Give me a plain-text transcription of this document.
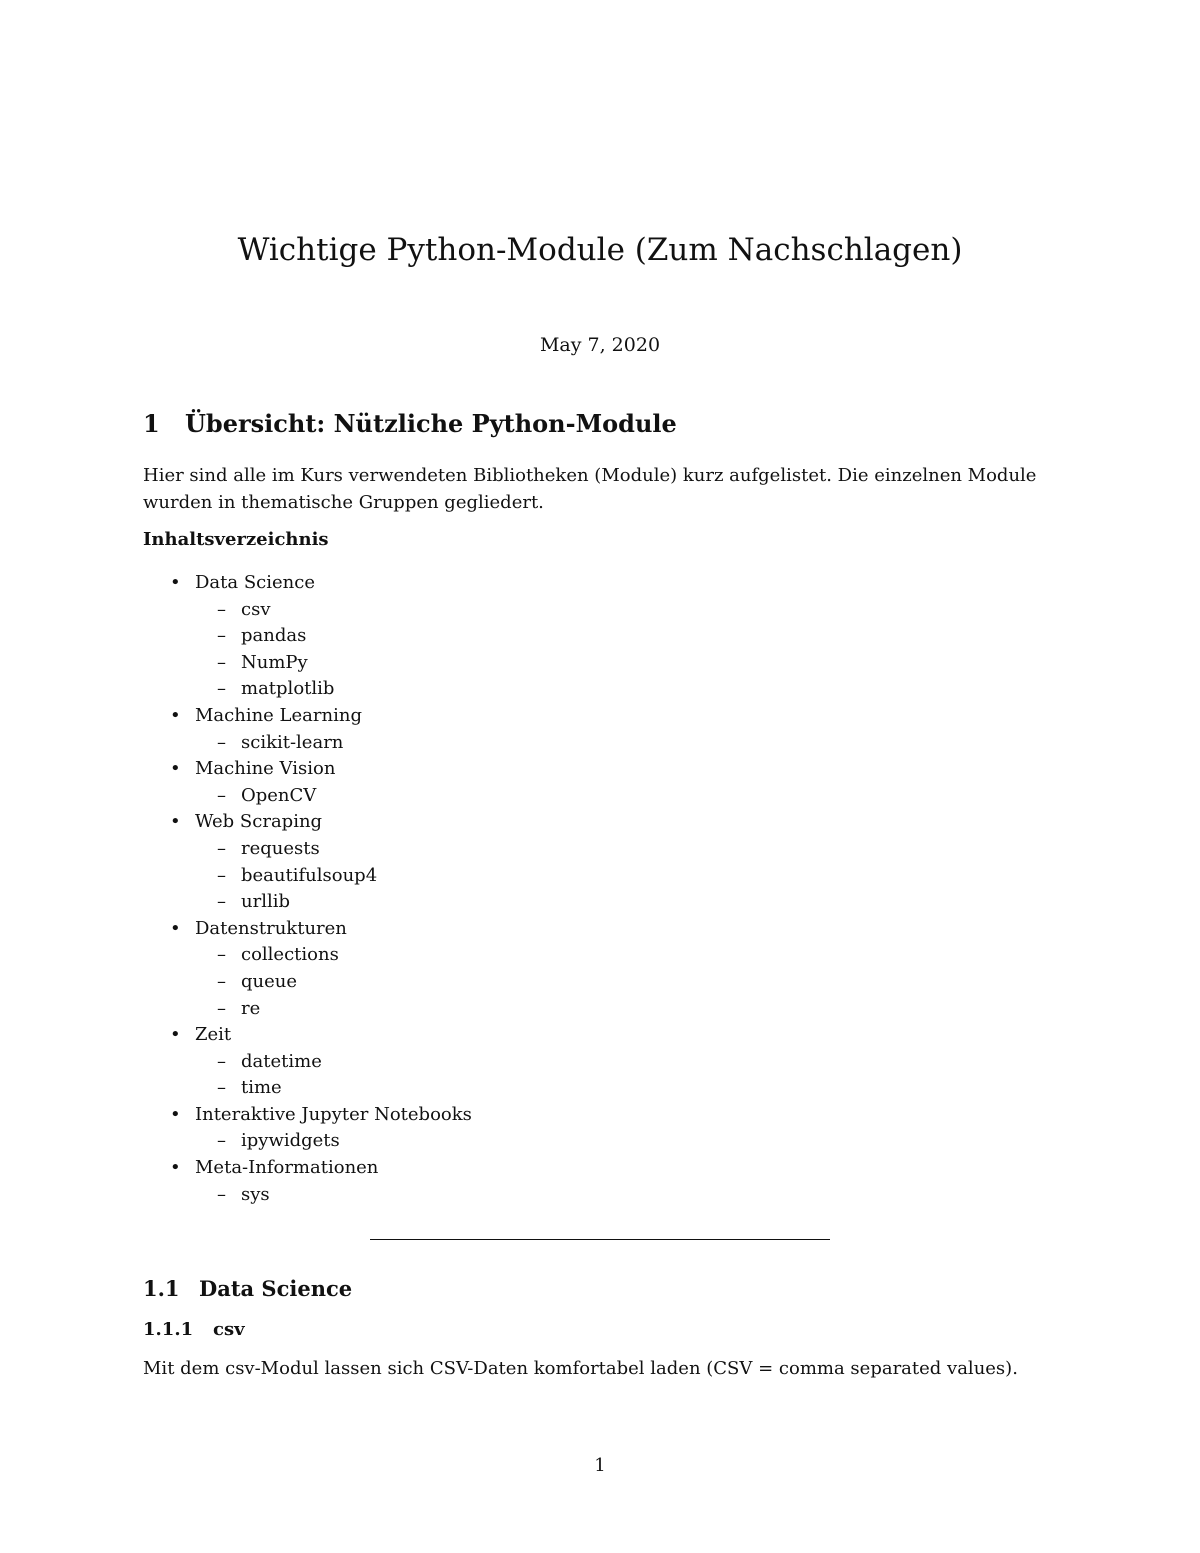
Wichtige Python-Module (Zum Nachschlagen)
May 7, 2020
1 Übersicht: Nützliche Python-Module
Hier sind alle im Kurs verwendeten Bibliotheken (Module) kurz aufgelistet. Die einzelnen Module wurden in thematische Gruppen gegliedert.
Inhaltsverzeichnis
• Data Science
– csv
– pandas
– NumPy
– matplotlib
• Machine Learning
– scikit-learn
• Machine Vision
– OpenCV
• Web Scraping
– requests
– beautifulsoup4
– urllib
• Datenstrukturen
– collections
– queue
– re
• Zeit
– datetime
– time
• Interaktive Jupyter Notebooks
– ipywidgets
• Meta-Informationen
– sys
1.1 Data Science
1.1.1 csv
Mit dem csv-Modul lassen sich CSV-Daten komfortabel laden (CSV = comma separated values).
1
